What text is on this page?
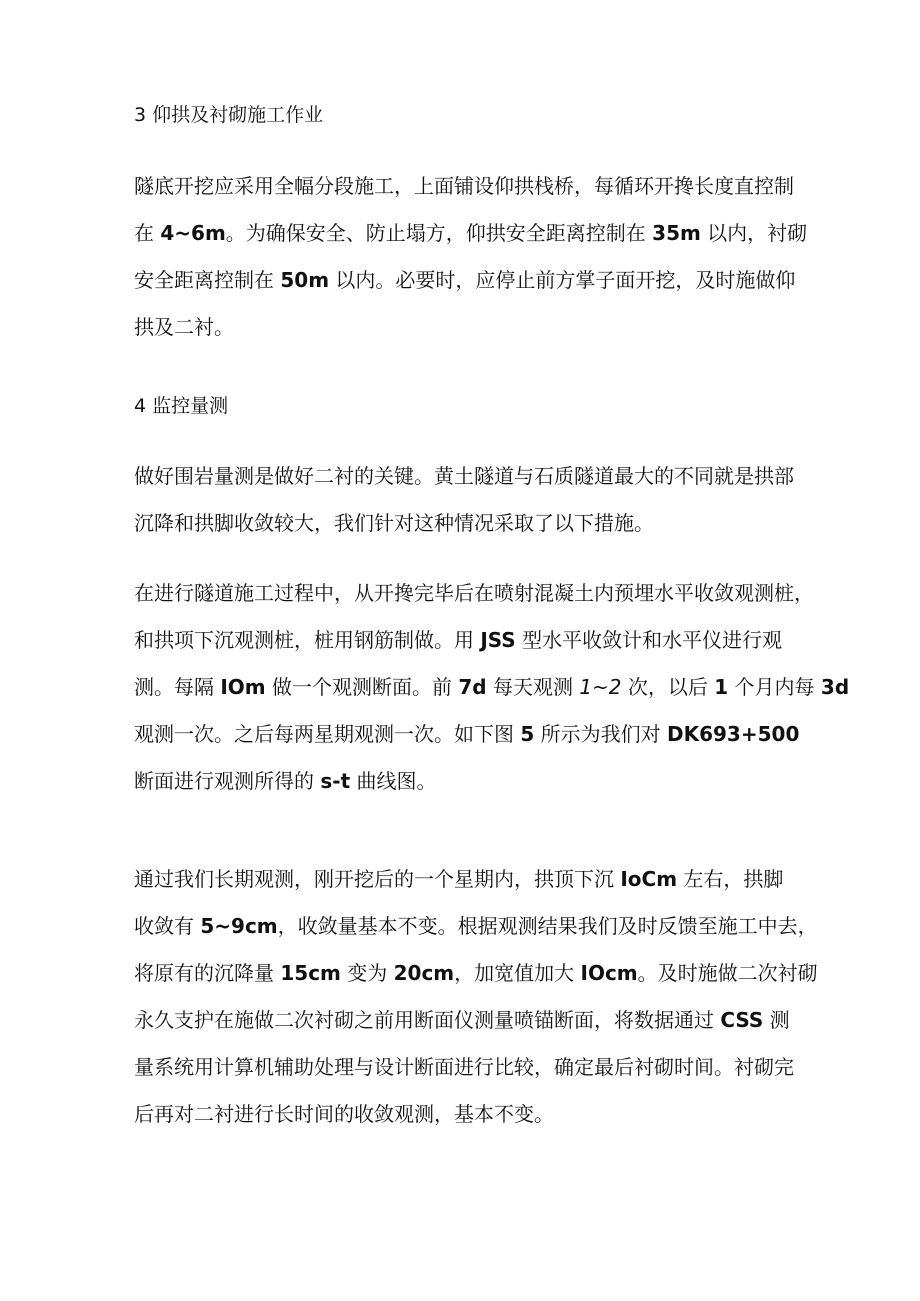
3 仰拱及衬砌施工作业
隧底开挖应采用全幅分段施工，上面铺设仰拱栈桥，每循环开搀长度直控制
在 4~6m。为确保安全、防止塌方，仰拱安全距离控制在 35m 以内，衬砌
安全距离控制在 50m 以内。必要时，应停止前方掌子面开挖，及时施做仰
拱及二衬。
4 监控量测
做好围岩量测是做好二衬的关键。黄土隧道与石质隧道最大的不同就是拱部
沉降和拱脚收敛较大，我们针对这种情况采取了以下措施。
在进行隧道施工过程中，从开搀完毕后在喷射混凝土内预埋水平收敛观测桩，
和拱项下沉观测桩，桩用钢筋制做。用 JSS 型水平收敛计和水平仪进行观
测。每隔 IOm 做一个观测断面。前 7d 每天观测 1~2 次，以后 1 个月内每 3d
观测一次。之后每两星期观测一次。如下图 5 所示为我们对 DK693+500
断面进行观测所得的 s-t 曲线图。
通过我们长期观测，刚开挖后的一个星期内，拱顶下沉 IoCm 左右，拱脚
收敛有 5~9cm，收敛量基本不变。根据观测结果我们及时反馈至施工中去，
将原有的沉降量 15cm 变为 20cm，加宽值加大 IOcm。及时施做二次衬砌
永久支护在施做二次衬砌之前用断面仪测量喷锚断面，将数据通过 CSS 测
量系统用计算机辅助处理与设计断面进行比较，确定最后衬砌时间。衬砌完
后再对二衬进行长时间的收敛观测，基本不变。
